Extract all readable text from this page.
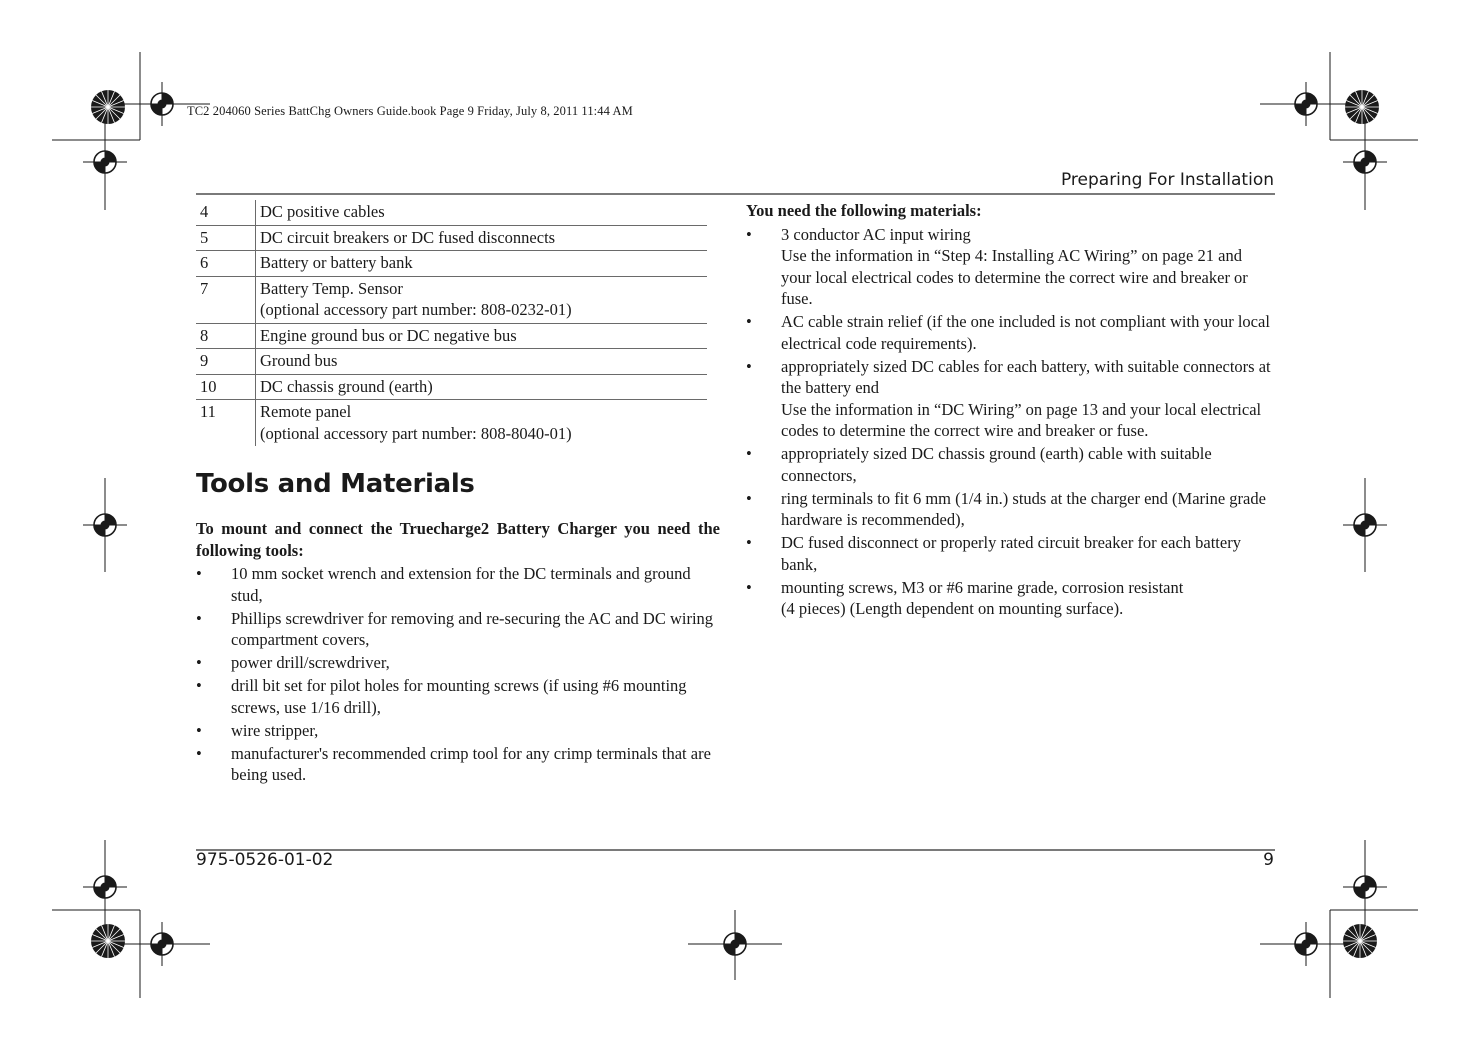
TC2 204060 Series BattChg Owners Guide.book Page 9 Friday, July 8, 2011 11:44 AM
Preparing For Installation
4	DC positive cables

5	DC circuit breakers or DC fused disconnects

6	Battery or battery bank

7	Battery Temp. Sensor
(optional accessory part number: 808-0232-01)

8	Engine ground bus or DC negative bus

9	Ground bus

10	DC chassis ground (earth)

11	Remote panel
(optional accessory part number: 808-8040-01)
Tools and Materials

To mount and connect the Truecharge2 Battery Charger you need the following tools:

• 10 mm socket wrench and extension for the DC terminals and ground stud,
• Phillips screwdriver for removing and re-securing the AC and DC wiring compartment covers,
• power drill/screwdriver,
• drill bit set for pilot holes for mounting screws (if using #6 mounting screws, use 1/16 drill),
• wire stripper,
• manufacturer's recommended crimp tool for any crimp terminals that are being used.

You need the following materials:

• 3 conductor AC input wiring
Use the information in “Step 4: Installing AC Wiring” on page 21 and your local electrical codes to determine the correct wire and breaker or fuse.
• AC cable strain relief (if the one included is not compliant with your local electrical code requirements).
• appropriately sized DC cables for each battery, with suitable connectors at the battery end
Use the information in “DC Wiring” on page 13 and your local electrical codes to determine the correct wire and breaker or fuse.
• appropriately sized DC chassis ground (earth) cable with suitable connectors,
• ring terminals to fit 6 mm (1/4 in.) studs at the charger end (Marine grade hardware is recommended),
• DC fused disconnect or properly rated circuit breaker for each battery bank,
• mounting screws, M3 or #6 marine grade, corrosion resistant
(4 pieces) (Length dependent on mounting surface).
975-0526-01-02	9
